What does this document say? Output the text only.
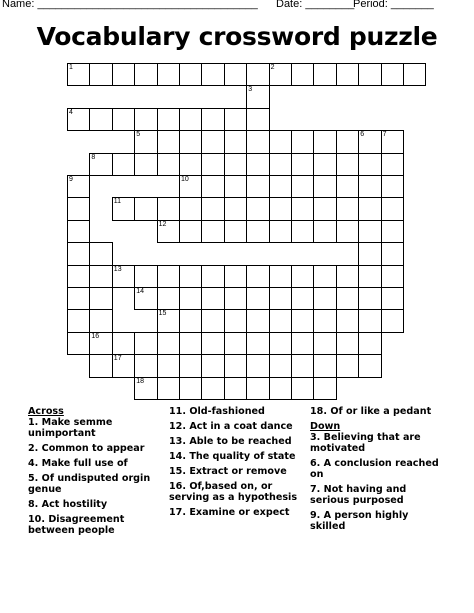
Name: ____________________________________ Date: ________
Period: _______
Vocabulary crossword puzzle
1	2
4
5	6
8
10
11
12
13
14
15
16
17
18
3
9
7
Across
1. Make semme unimportant
2. Common to appear
4. Make full use of
5. Of undisputed orgin genue
8. Act hostility
10. Disagreement between people
11. Old-fashioned
12. Act in a coat dance
13. Able to be reached
14. The quality of state
15. Extract or remove
16. Of,based on, or serving as a hypothesis
17. Examine or expect
18. Of or like a pedant
Down
3. Believing that are motivated
6. A conclusion reached on
7. Not having and serious purposed
9. A person highly skilled
